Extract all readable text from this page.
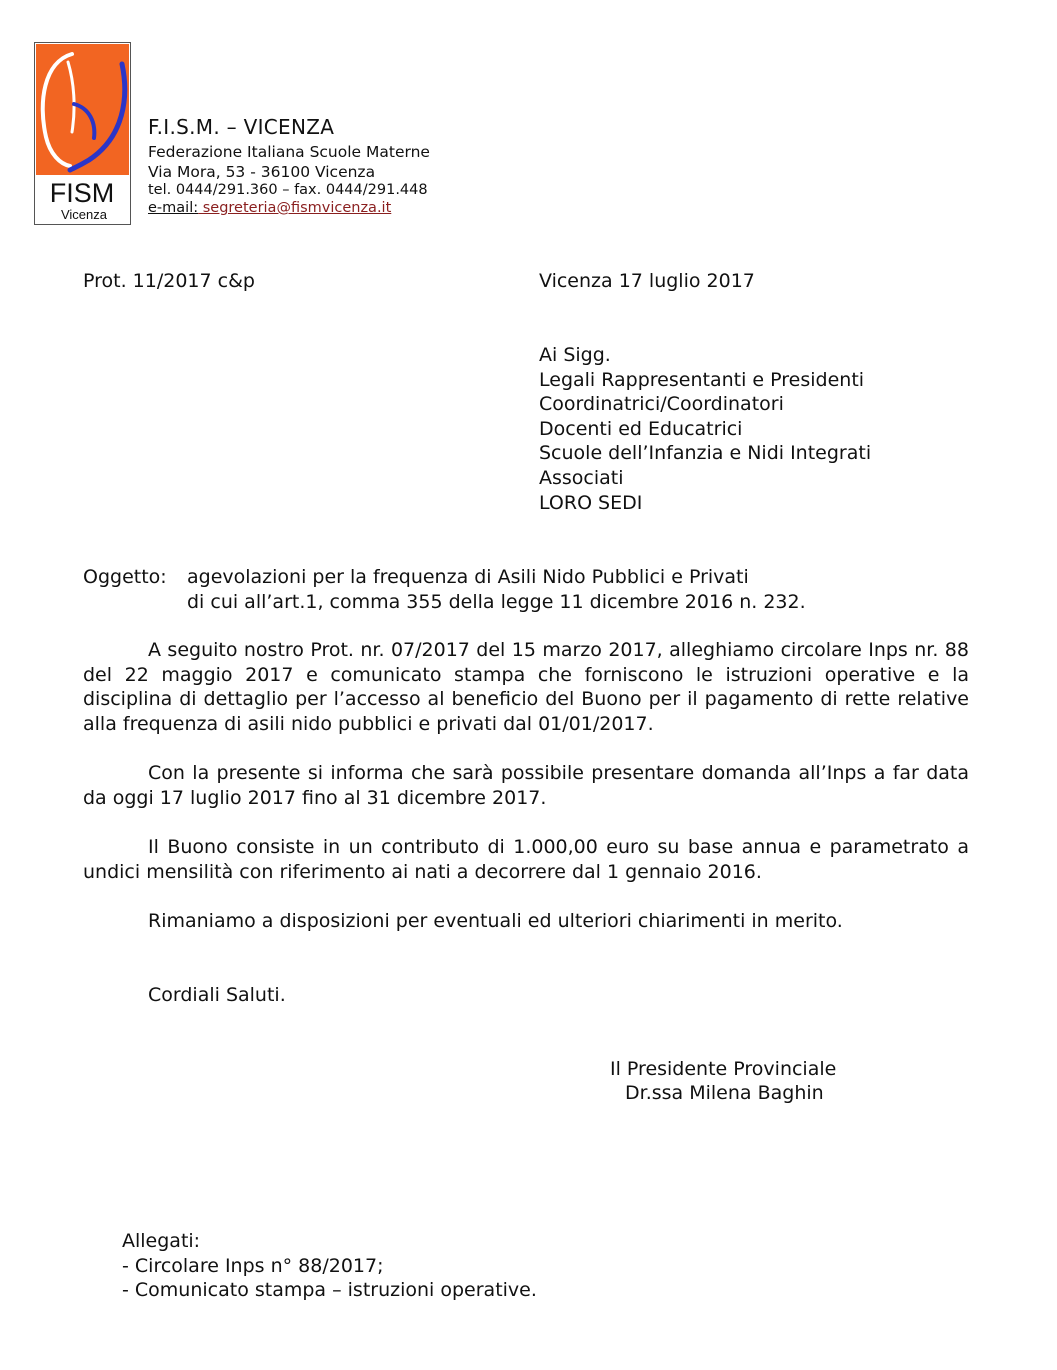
FISM
Vicenza
F.I.S.M. – VICENZA
Federazione Italiana Scuole Materne
Via Mora, 53 - 36100 Vicenza
tel. 0444/291.360 – fax. 0444/291.448
e-mail: segreteria@fismvicenza.it
Prot. 11/2017 c&p	Vicenza 17 luglio 2017
Ai Sigg.
Legali Rappresentanti e Presidenti
Coordinatrici/Coordinatori
Docenti ed Educatrici
Scuole dell’Infanzia e Nidi Integrati
Associati
LORO SEDI
Oggetto: agevolazioni per la frequenza di Asili Nido Pubblici e Privati
di cui all’art.1, comma 355 della legge 11 dicembre 2016 n. 232.
A seguito nostro Prot. nr. 07/2017 del 15 marzo 2017, alleghiamo circolare Inps nr. 88 del 22 maggio 2017 e comunicato stampa che forniscono le istruzioni operative e la disciplina di dettaglio per l’accesso al beneficio del Buono per il pagamento di rette relative alla frequenza di asili nido pubblici e privati dal 01/01/2017.
Con la presente si informa che sarà possibile presentare domanda all’Inps a far data da oggi 17 luglio 2017 fino al 31 dicembre 2017.
Il Buono consiste in un contributo di 1.000,00 euro su base annua e parametrato a undici mensilità con riferimento ai nati a decorrere dal 1 gennaio 2016.
Rimaniamo a disposizioni per eventuali ed ulteriori chiarimenti in merito.
Cordiali Saluti.
Il Presidente Provinciale
Dr.ssa Milena Baghin
Allegati:
- Circolare Inps n° 88/2017;
- Comunicato stampa – istruzioni operative.
